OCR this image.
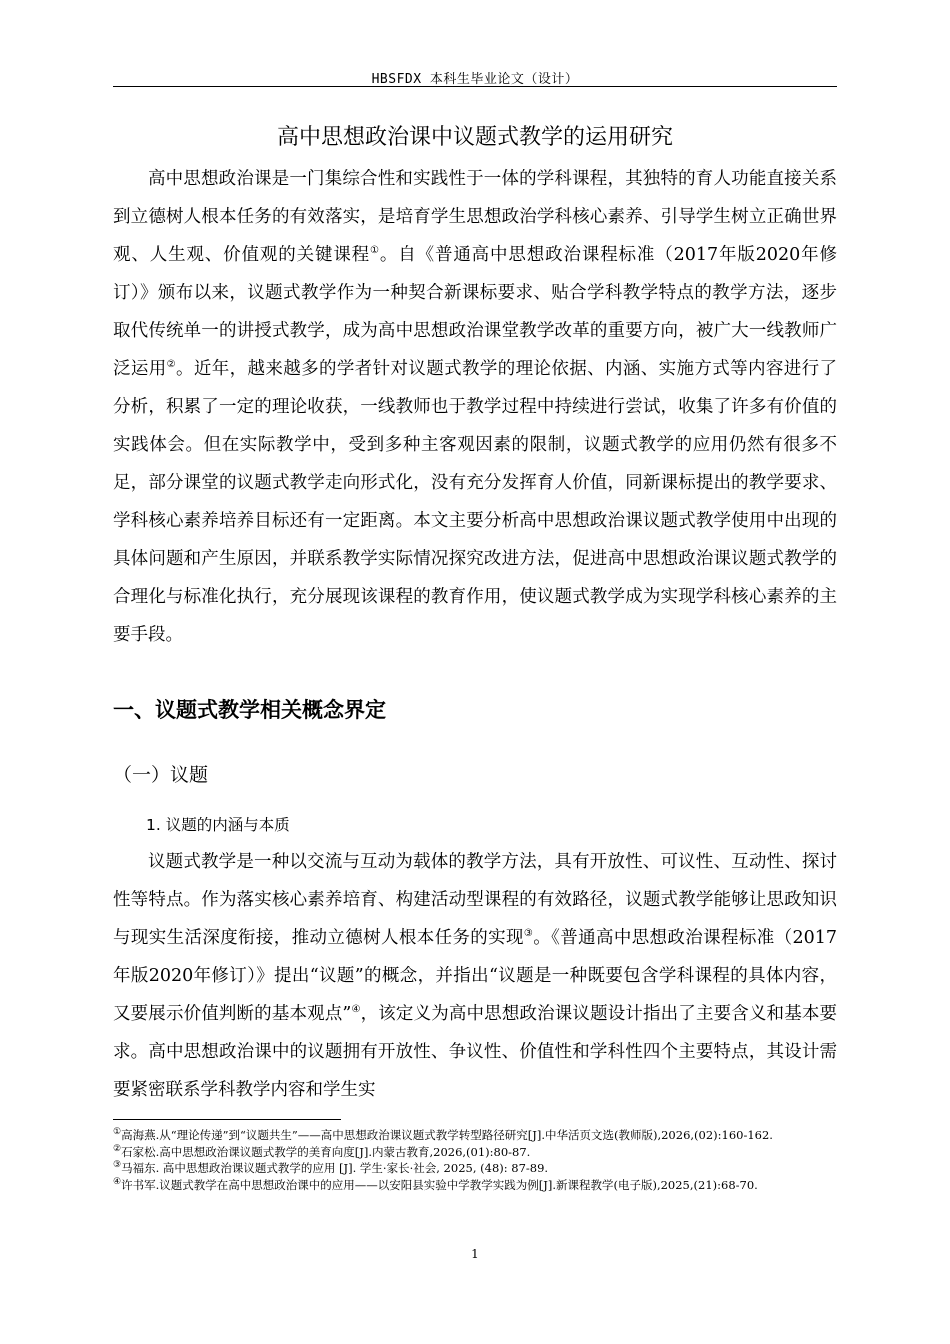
HBSFDX 本科生毕业论文（设计）
高中思想政治课中议题式教学的运用研究

高中思想政治课是一门集综合性和实践性于一体的学科课程，其独特的育人功能直接关系到立德树人根本任务的有效落实，是培育学生思想政治学科核心素养、引导学生树立正确世界观、人生观、价值观的关键课程①。自《普通高中思想政治课程标准（2017年版2020年修订）》颁布以来，议题式教学作为一种契合新课标要求、贴合学科教学特点的教学方法，逐步取代传统单一的讲授式教学，成为高中思想政治课堂教学改革的重要方向，被广大一线教师广泛运用②。近年，越来越多的学者针对议题式教学的理论依据、内涵、实施方式等内容进行了分析，积累了一定的理论收获，一线教师也于教学过程中持续进行尝试，收集了许多有价值的实践体会。但在实际教学中，受到多种主客观因素的限制，议题式教学的应用仍然有很多不足，部分课堂的议题式教学走向形式化，没有充分发挥育人价值，同新课标提出的教学要求、学科核心素养培养目标还有一定距离。本文主要分析高中思想政治课议题式教学使用中出现的具体问题和产生原因，并联系教学实际情况探究改进方法，促进高中思想政治课议题式教学的合理化与标准化执行，充分展现该课程的教育作用，使议题式教学成为实现学科核心素养的主要手段。

一、议题式教学相关概念界定
（一）议题
1. 议题的内涵与本质

议题式教学是一种以交流与互动为载体的教学方法，具有开放性、可议性、互动性、探讨性等特点。作为落实核心素养培育、构建活动型课程的有效路径，议题式教学能够让思政知识与现实生活深度衔接，推动立德树人根本任务的实现③。《普通高中思想政治课程标准（2017年版2020年修订）》提出“议题”的概念，并指出“议题是一种既要包含学科课程的具体内容，又要展示价值判断的基本观点”④，该定义为高中思想政治课议题设计指出了主要含义和基本要求。高中思想政治课中的议题拥有开放性、争议性、价值性和学科性四个主要特点，其设计需要紧密联系学科教学内容和学生实

①高海燕.从“理论传递”到“议题共生”——高中思想政治课议题式教学转型路径研究[J].中华活页文选(教师版),2026,(02):160-162.
②石家松.高中思想政治课议题式教学的美育向度[J].内蒙古教育,2026,(01):80-87.
③马福东. 高中思想政治课议题式教学的应用 [J]. 学生·家长·社会, 2025, (48): 87-89.
④许书军.议题式教学在高中思想政治课中的应用——以安阳县实验中学教学实践为例[J].新课程教学(电子版),2025,(21):68-70.
1
